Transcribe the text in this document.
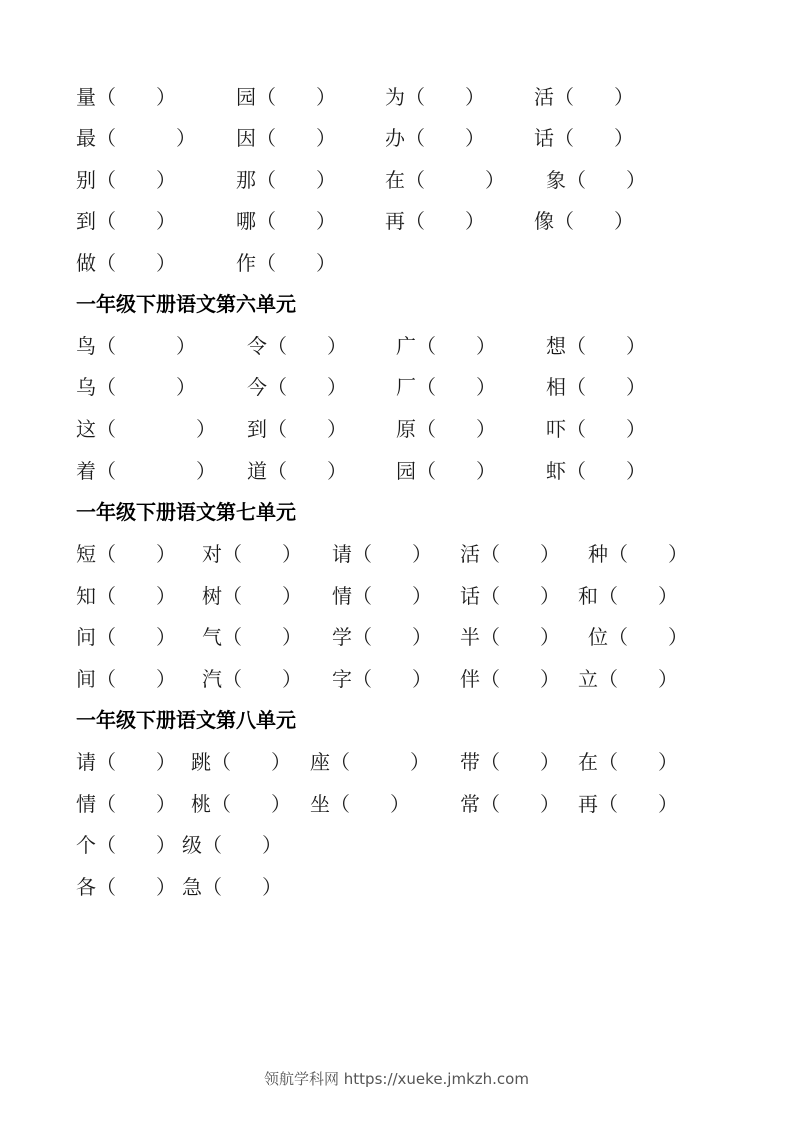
量（　　）	园（　　） 为（　　） 活（　　）
最（　　　） 因（　　） 办（　　） 话（　　）
别（　　）	那（　　） 在（　　　） 象（　　）
到（　　）	哪（　　） 再（　　） 像（　　）
做（　　）	作（　　）
一年级下册语文第六单元
鸟（　　　）	令（　　） 广（　　）	想（　　）
乌（　　　）	今（　　） 厂（　　）	相（　　）
这（　　　　） 到（　　） 原（　　）	吓（　　）
着（　　　　） 道（　　） 园（　　）	虾（　　）
一年级下册语文第七单元
短（　　） 对（　　） 请（　　） 活（　　） 种（　　）
知（　　） 树（　　） 情（　　） 话（　　） 和（　　）
问（　　） 气（　　） 学（　　） 半（　　） 位（　　）
间（　　） 汽（　　） 字（　　） 伴（　　） 立（　　）
一年级下册语文第八单元
请（　　） 跳（　　） 座（　　　） 带（　　） 在（　　）
情（　　） 桃（　　） 坐（　　）	常（　　） 再（　　）
个（　　） 级（　　）
各（　　） 急（　　）
领航学科网 https://xueke.jmkzh.com
